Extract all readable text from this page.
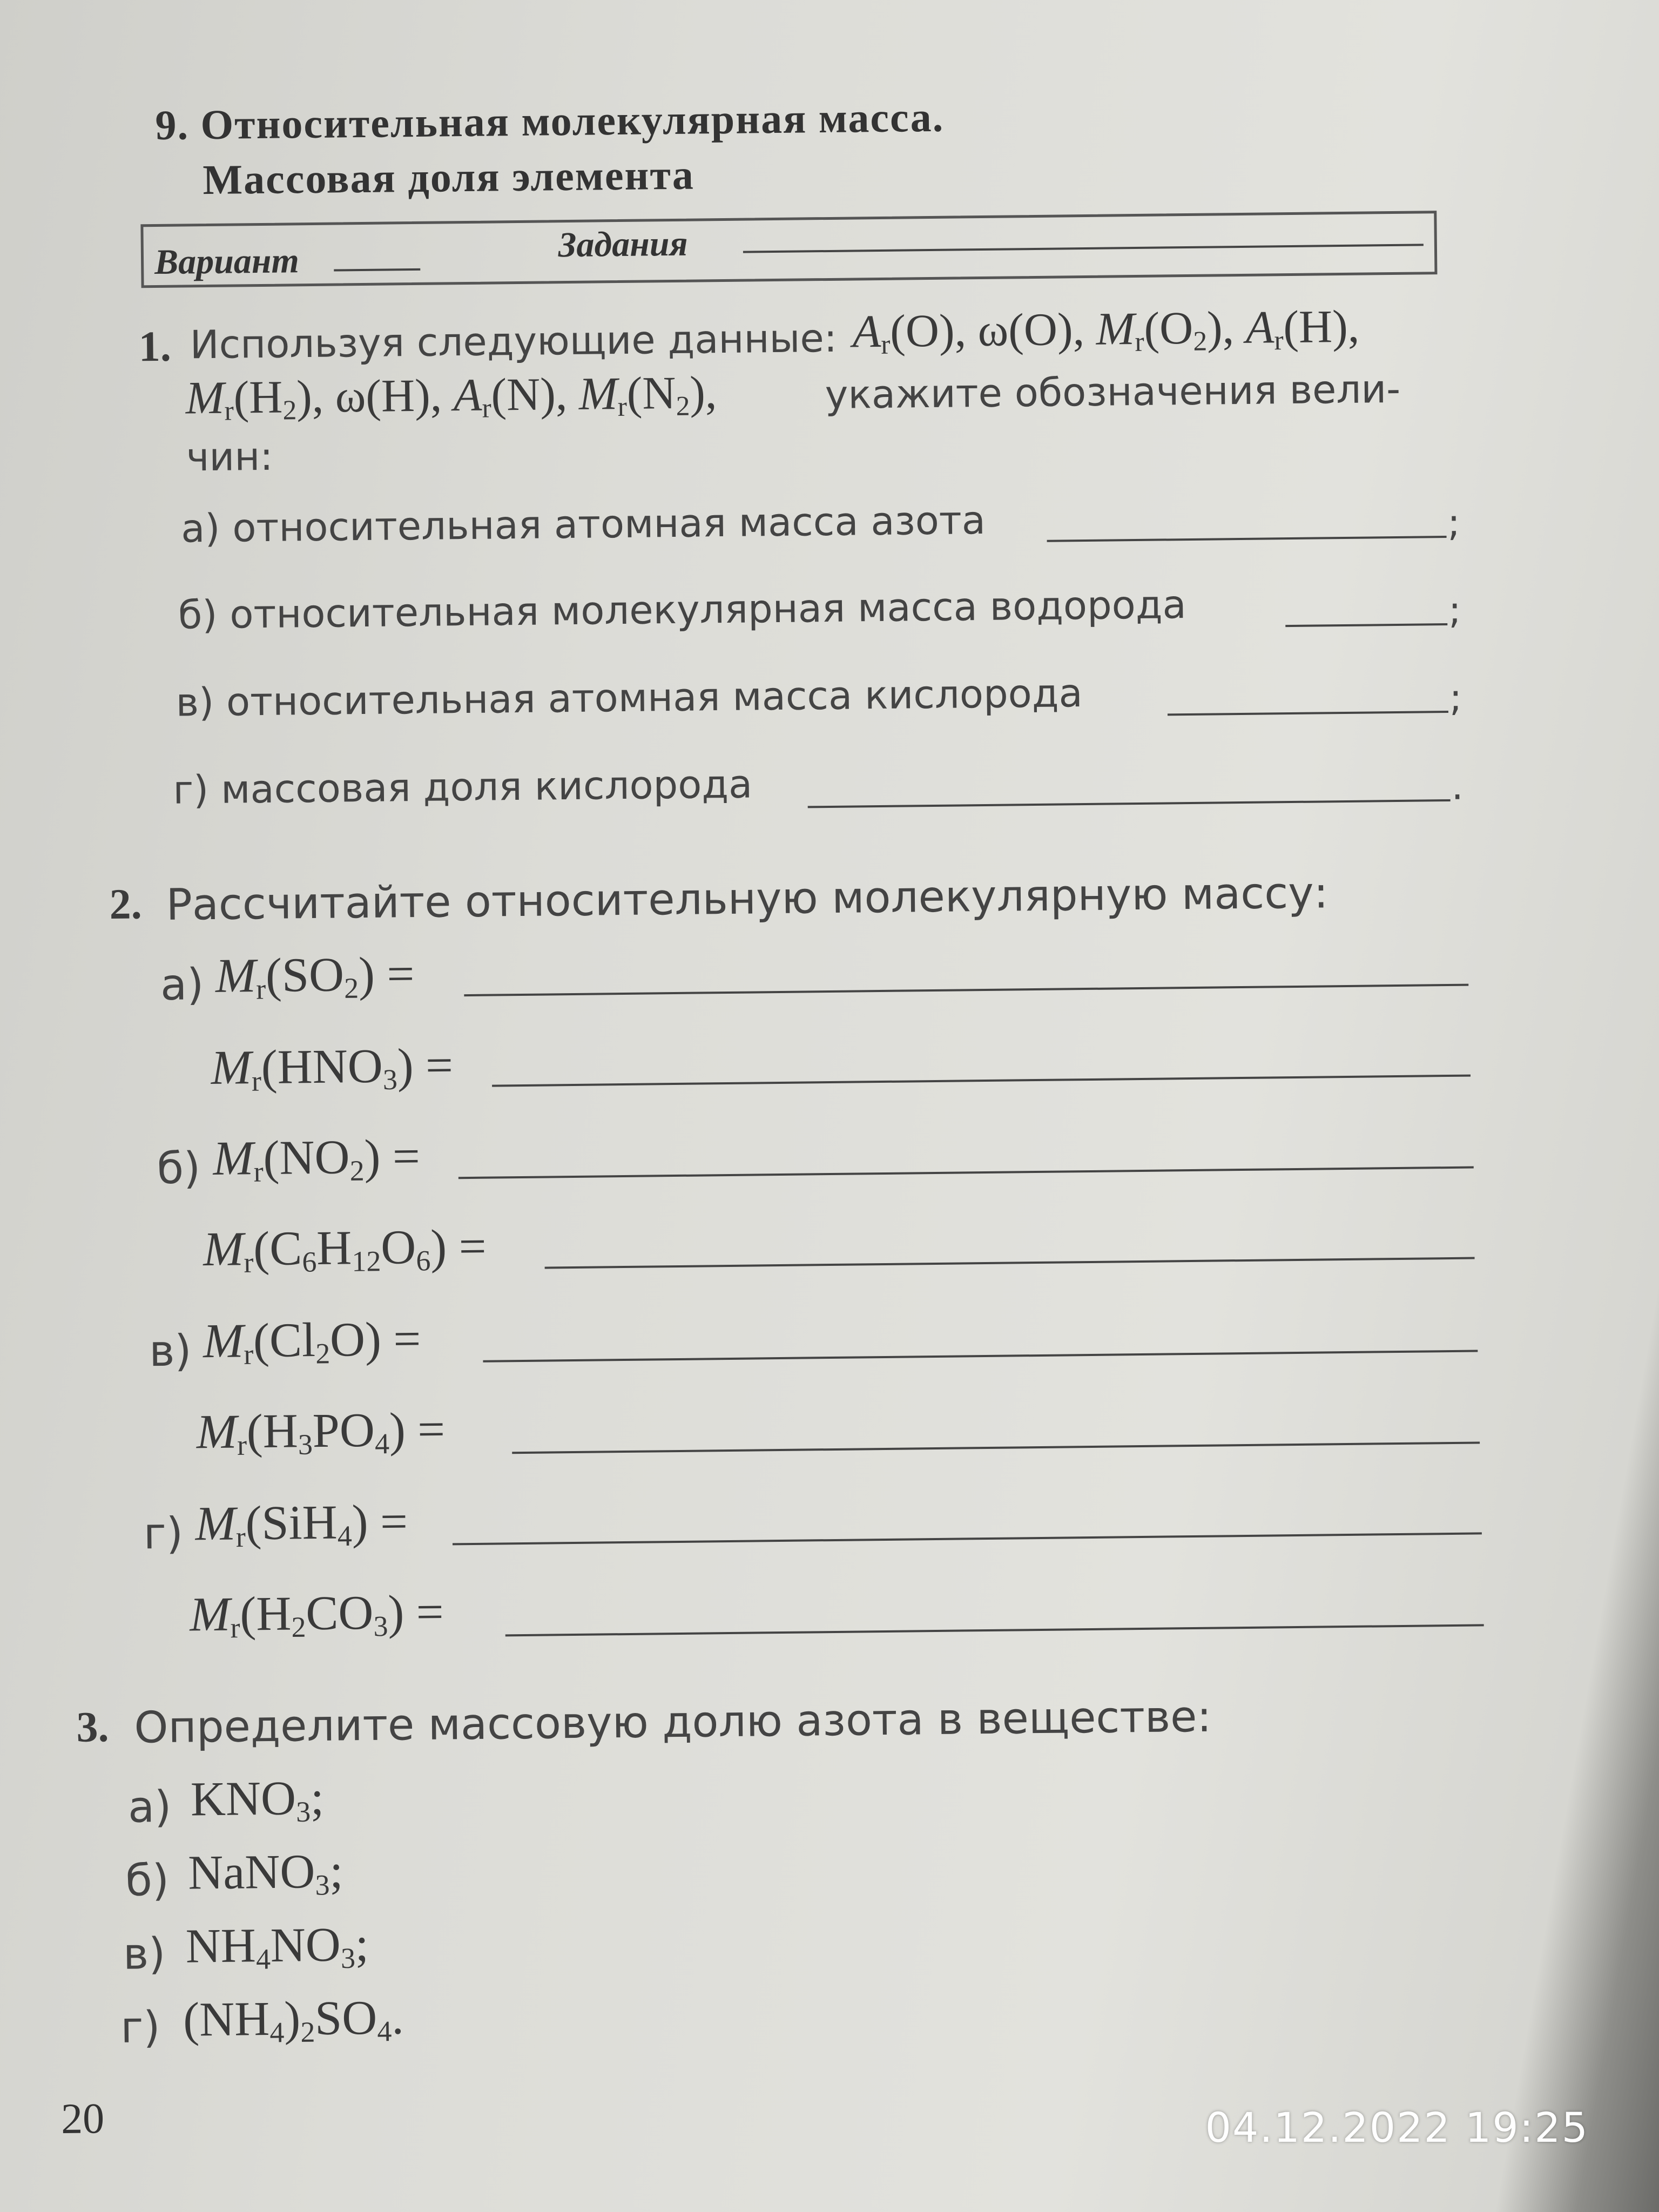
9. Относительная молекулярная масса.
Массовая доля элемента
Вариант	Задания
1. Используя следующие данные: $A_r(O)$, ω(O), $M_r(O_2)$, $A_r(H)$,
$M_r(H_2)$, ω(H), $A_r(N)$, $M_r(N_2)$,	укажите обозначения вели-
чин:
а) относительная атомная масса азота	;
б) относительная молекулярная масса водорода	;
в) относительная атомная масса кислорода	;
г) массовая доля кислорода	.
2. Рассчитайте относительную молекулярную массу:
а) $M_r(SO_2)$ =
$M_r(HNO_3)$ =
б) $M_r(NO_2)$ =
$M_r(C_6H_{12}O_6)$ =
в) $M_r(Cl_2O)$ =
$M_r(H_3PO_4)$ =
г) $M_r(SiH_4)$ =
$M_r(H_2CO_3)$ =
3. Определите массовую долю азота в веществе:
а) $KNO_3$;
б) NaNO$_3$;
в) $NH_4NO_3$;
г) $(NH_4)_2SO_4$.
20	04.12.2022 19:25
